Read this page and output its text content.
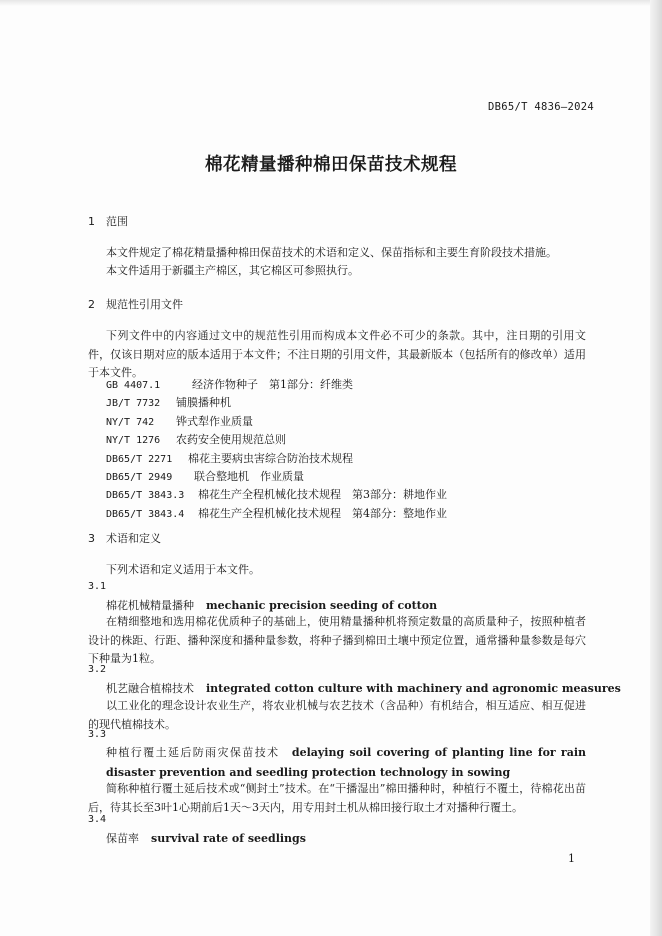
DB65/T 4836—2024
棉花精量播种棉田保苗技术规程
1 范围
本文件规定了棉花精量播种棉田保苗技术的术语和定义、保苗指标和主要生育阶段技术措施。
本文件适用于新疆主产棉区，其它棉区可参照执行。
2 规范性引用文件
下列文件中的内容通过文中的规范性引用而构成本文件必不可少的条款。其中，注日期的引用文件，仅该日期对应的版本适用于本文件；不注日期的引用文件，其最新版本（包括所有的修改单）适用于本文件。
GB 4407.1	经济作物种子　第1部分：纤维类
JB/T 7732 铺膜播种机
NY/T 742 铧式犁作业质量
NY/T 1276 农药安全使用规范总则
DB65/T 2271 棉花主要病虫害综合防治技术规程
DB65/T 2949 联合整地机　作业质量
DB65/T 3843.3 棉花生产全程机械化技术规程　第3部分：耕地作业
DB65/T 3843.4 棉花生产全程机械化技术规程　第4部分：整地作业
3 术语和定义
下列术语和定义适用于本文件。
3.1
棉花机械精量播种 mechanic precision seeding of cotton
在精细整地和选用棉花优质种子的基础上，使用精量播种机将预定数量的高质量种子，按照种植者设计的株距、行距、播种深度和播种量参数，将种子播到棉田土壤中预定位置，通常播种量参数是每穴下种量为1粒。
3.2
机艺融合植棉技术 integrated cotton culture with machinery and agronomic measures
以工业化的理念设计农业生产，将农业机械与农艺技术（含品种）有机结合，相互适应、相互促进的现代植棉技术。
3.3
种植行覆土延后防雨灾保苗技术　 delaying soil covering of planting line for rain disaster prevention and seedling protection technology in sowing
简称种植行覆土延后技术或“侧封土”技术。在“干播湿出”棉田播种时，种植行不覆土，待棉花出苗后，待其长至3叶1心期前后1天～3天内，用专用封土机从棉田接行取土才对播种行覆土。
3.4
保苗率 survival rate of seedlings
1
